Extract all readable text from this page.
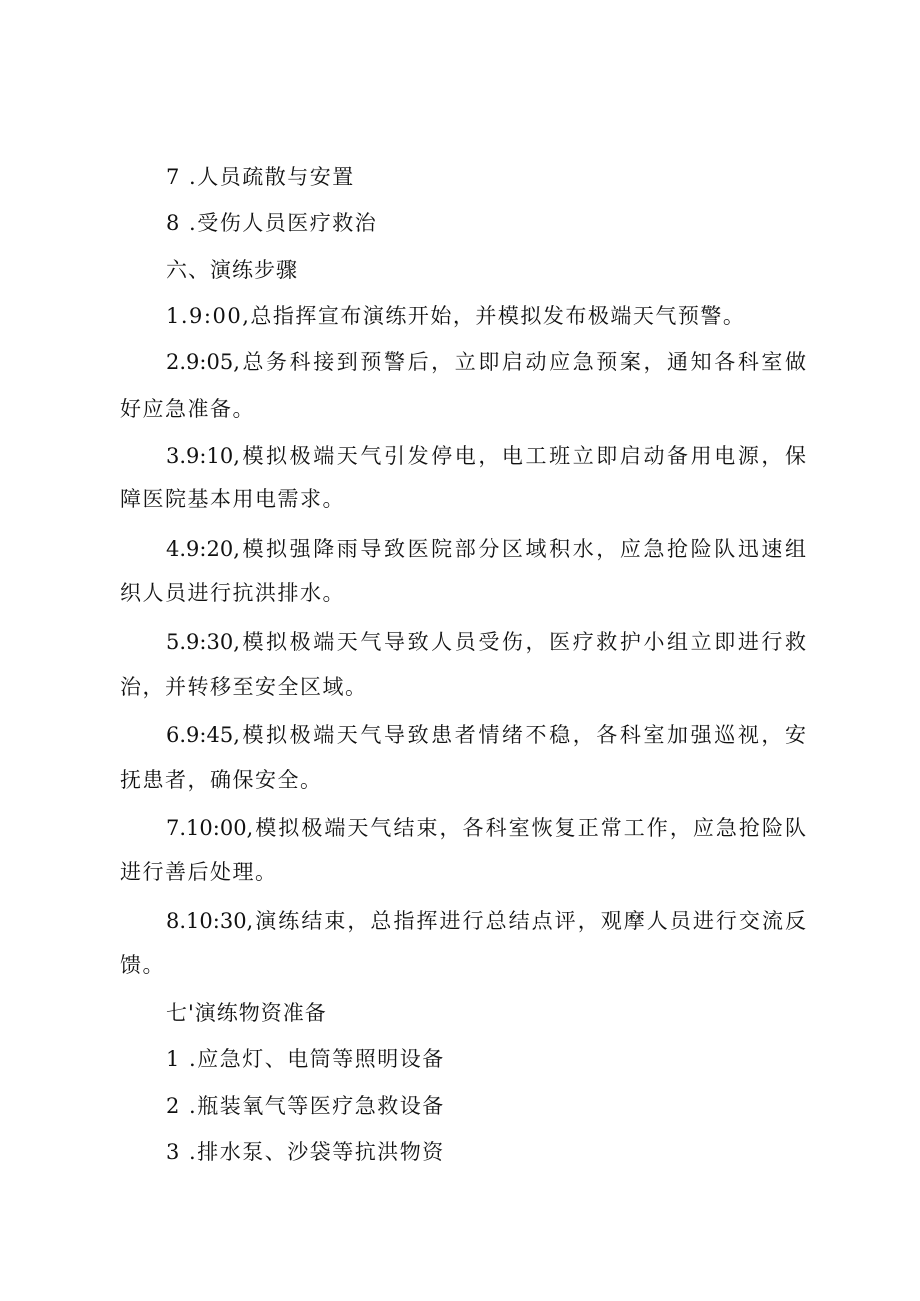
7 .人员疏散与安置
8 .受伤人员医疗救治
六、演练步骤
1.9:00,总指挥宣布演练开始，并模拟发布极端天气预警。
2.9:05,总务科接到预警后，立即启动应急预案，通知各科室做
好应急准备。
3.9:10,模拟极端天气引发停电，电工班立即启动备用电源，保
障医院基本用电需求。
4.9:20,模拟强降雨导致医院部分区域积水，应急抢险队迅速组
织人员进行抗洪排水。
5.9:30,模拟极端天气导致人员受伤，医疗救护小组立即进行救
治，并转移至安全区域。
6.9:45,模拟极端天气导致患者情绪不稳，各科室加强巡视，安
抚患者，确保安全。
7.10:00,模拟极端天气结束，各科室恢复正常工作，应急抢险队
进行善后处理。
8.10:30,演练结束，总指挥进行总结点评，观摩人员进行交流反
馈。
七'演练物资准备
1 .应急灯、电筒等照明设备
2 .瓶装氧气等医疗急救设备
3 .排水泵、沙袋等抗洪物资
